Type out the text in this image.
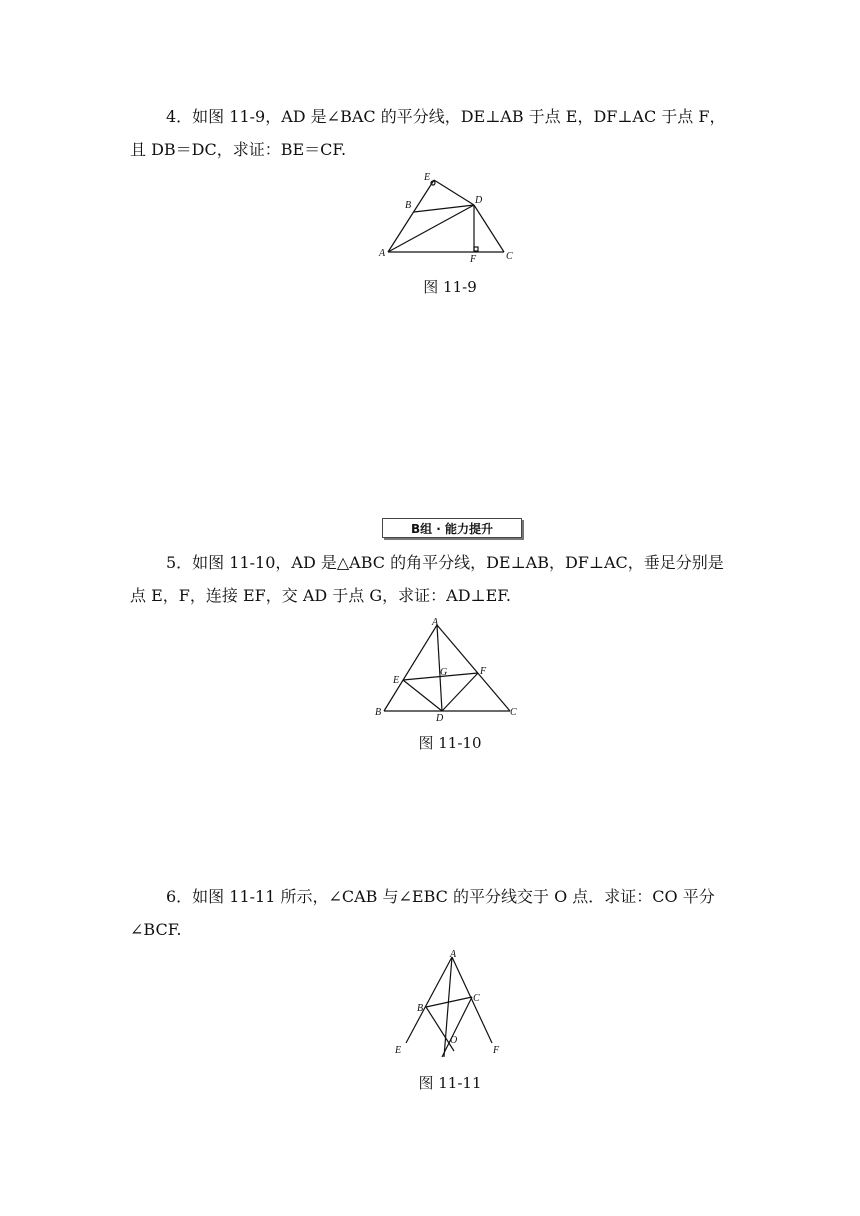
4．如图 11-9，AD 是∠BAC 的平分线，DE⊥AB 于点 E，DF⊥AC 于点 F，
且 DB＝DC，求证：BE＝CF.

A
B
C
D
E
F
图 11-9
B组 · 能力提升

5．如图 11-10，AD 是△ABC 的角平分线，DE⊥AB，DF⊥AC，垂足分别是
点 E，F，连接 EF，交 AD 于点 G，求证：AD⊥EF.

A
B	C
D
E
F
G
图 11-10

6．如图 11-11 所示，∠CAB 与∠EBC 的平分线交于 O 点．求证：CO 平分
∠BCF.

A
B
C
E	F
O
图 11-11
